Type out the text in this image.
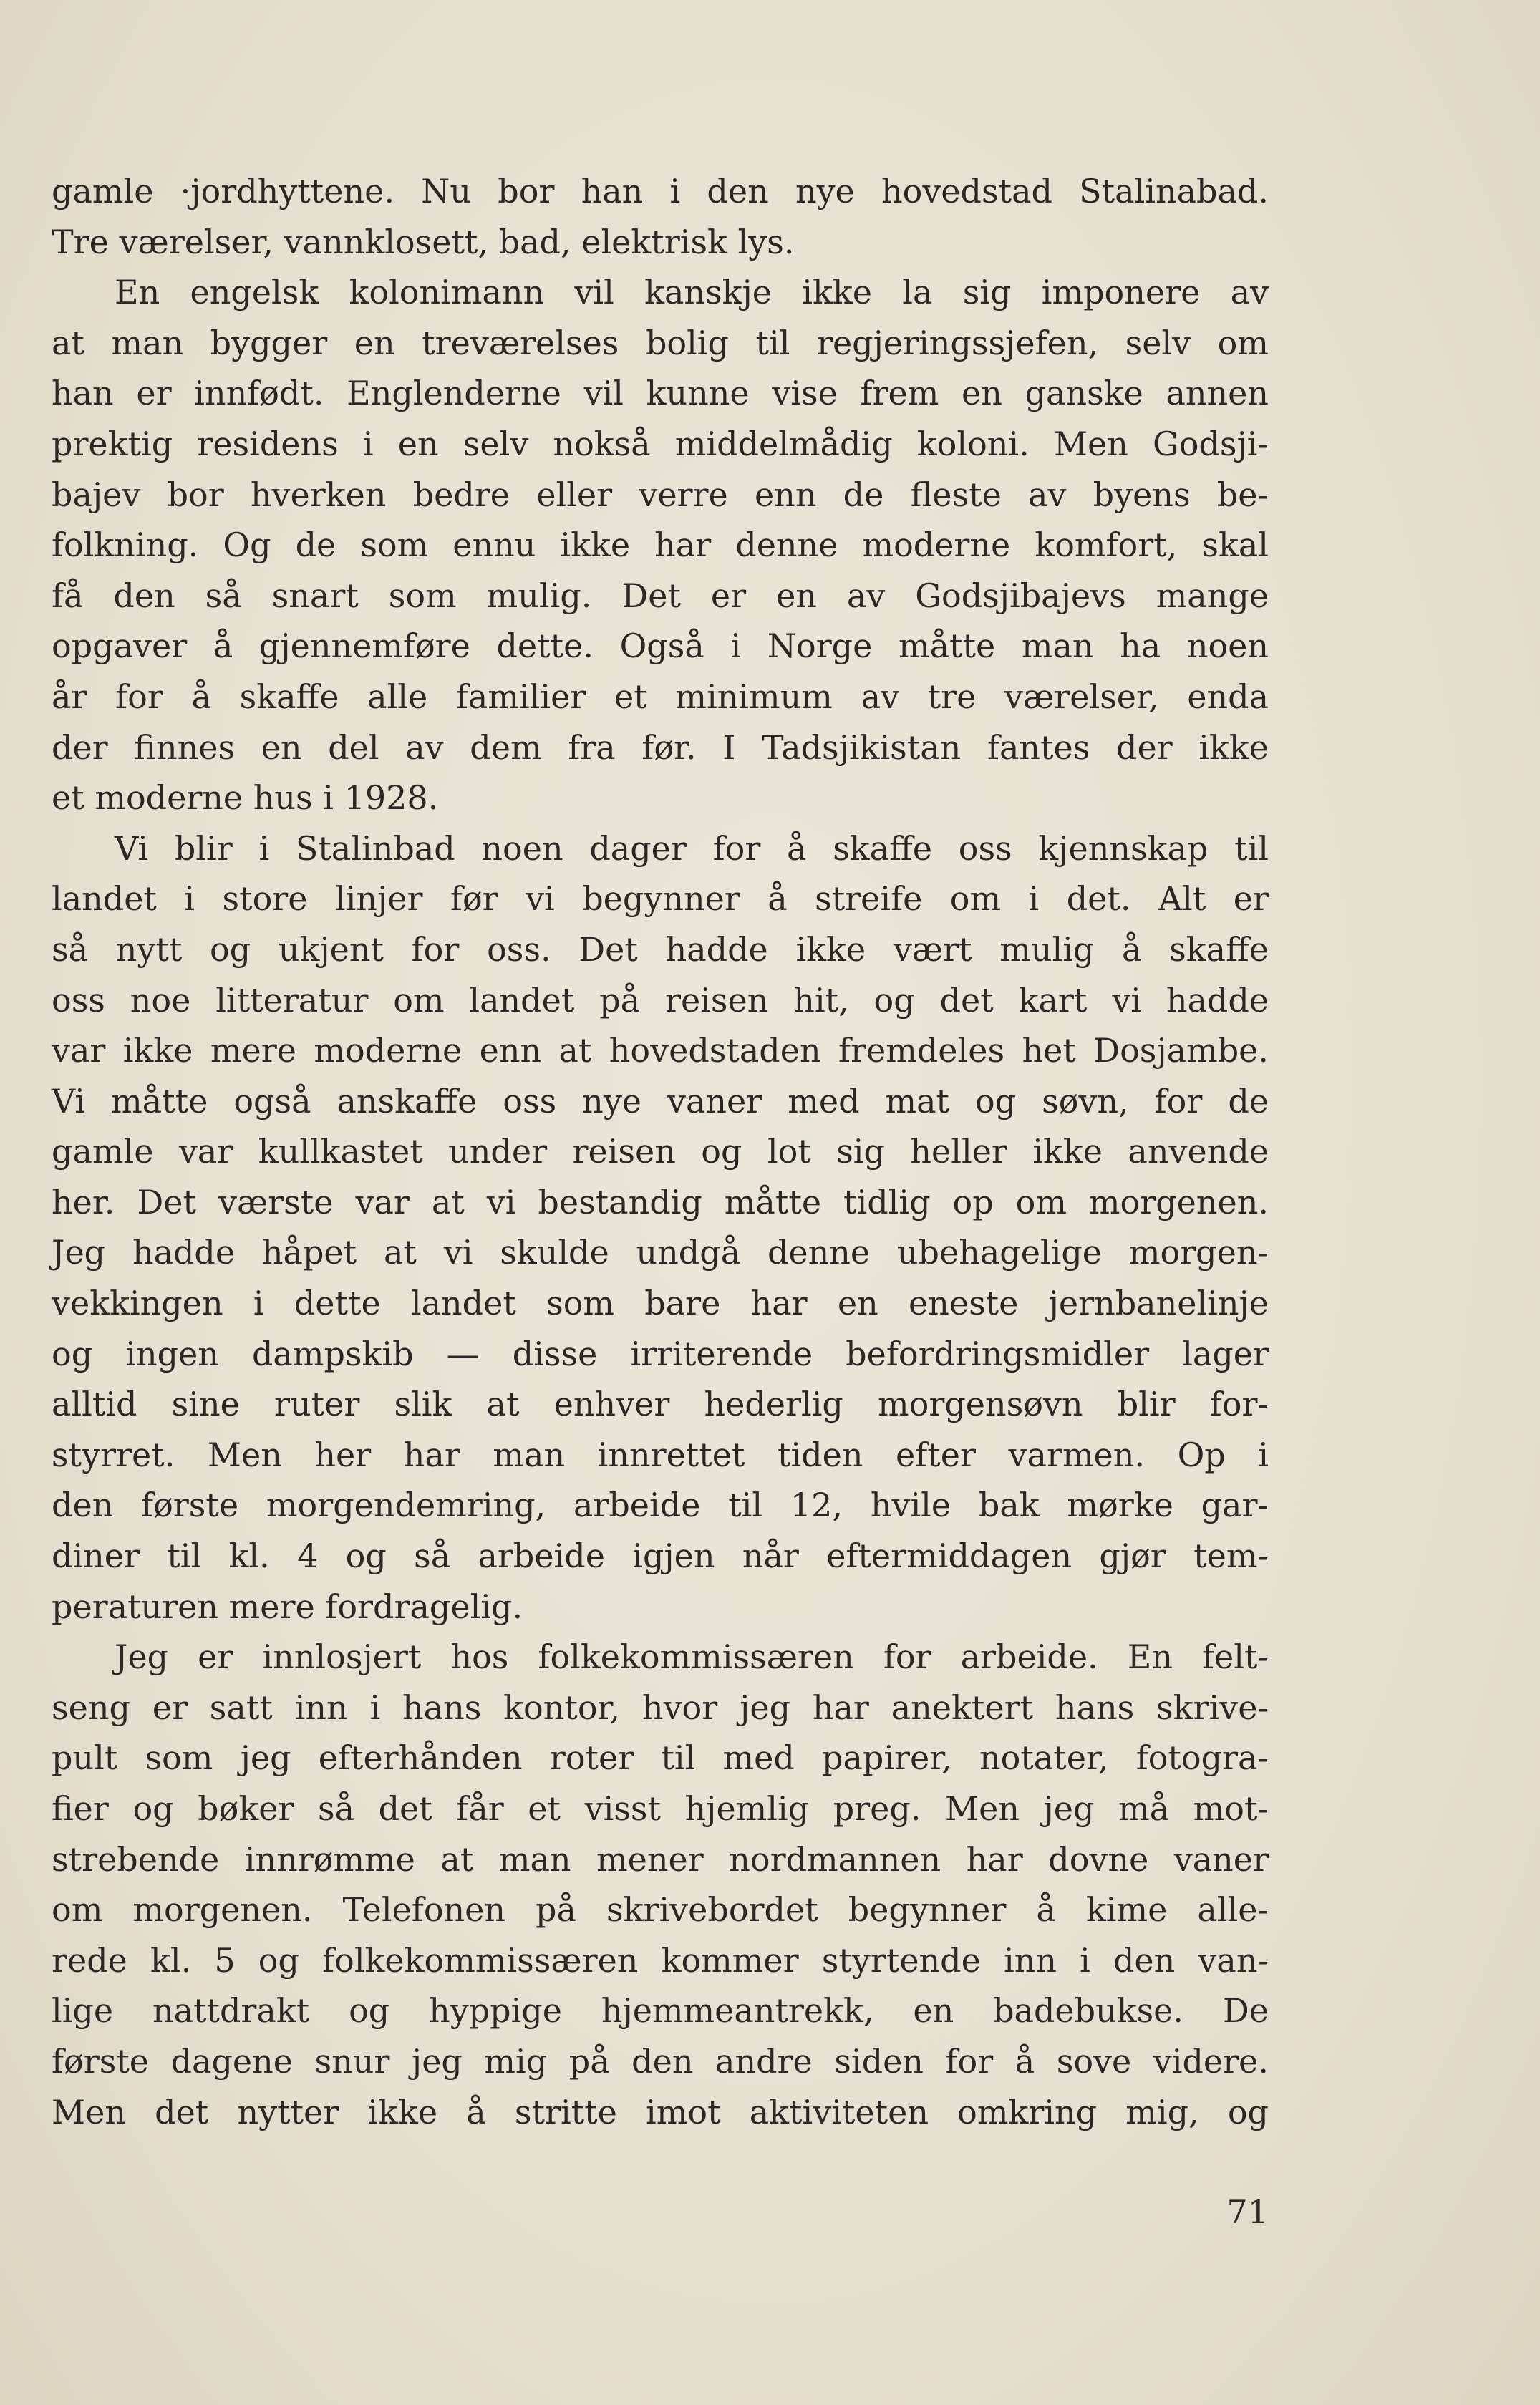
gamle ·jordhyttene. Nu bor han i den nye hovedstad Stalinabad.
Tre værelser, vannklosett, bad, elektrisk lys.
En engelsk kolonimann vil kanskje ikke la sig imponere av
at man bygger en treværelses bolig til regjeringssjefen, selv om
han er innfødt. Englenderne vil kunne vise frem en ganske annen
prektig residens i en selv nokså middelmådig koloni. Men Godsji-
bajev bor hverken bedre eller verre enn de fleste av byens be-
folkning. Og de som ennu ikke har denne moderne komfort, skal
få den så snart som mulig. Det er en av Godsjibajevs mange
opgaver å gjennemføre dette. Også i Norge måtte man ha noen
år for å skaffe alle familier et minimum av tre værelser, enda
der finnes en del av dem fra før. I Tadsjikistan fantes der ikke
et moderne hus i 1928.
Vi blir i Stalinbad noen dager for å skaffe oss kjennskap til
landet i store linjer før vi begynner å streife om i det. Alt er
så nytt og ukjent for oss. Det hadde ikke vært mulig å skaffe
oss noe litteratur om landet på reisen hit, og det kart vi hadde
var ikke mere moderne enn at hovedstaden fremdeles het Dosjambe.
Vi måtte også anskaffe oss nye vaner med mat og søvn, for de
gamle var kullkastet under reisen og lot sig heller ikke anvende
her. Det værste var at vi bestandig måtte tidlig op om morgenen.
Jeg hadde håpet at vi skulde undgå denne ubehagelige morgen-
vekkingen i dette landet som bare har en eneste jernbanelinje
og ingen dampskib — disse irriterende befordringsmidler lager
alltid sine ruter slik at enhver hederlig morgensøvn blir for-
styrret. Men her har man innrettet tiden efter varmen. Op i
den første morgendemring, arbeide til 12, hvile bak mørke gar-
diner til kl. 4 og så arbeide igjen når eftermiddagen gjør tem-
peraturen mere fordragelig.
Jeg er innlosjert hos folkekommissæren for arbeide. En felt-
seng er satt inn i hans kontor, hvor jeg har anektert hans skrive-
pult som jeg efterhånden roter til med papirer, notater, fotogra-
fier og bøker så det får et visst hjemlig preg. Men jeg må mot-
strebende innrømme at man mener nordmannen har dovne vaner
om morgenen. Telefonen på skrivebordet begynner å kime alle-
rede kl. 5 og folkekommissæren kommer styrtende inn i den van-
lige nattdrakt og hyppige hjemmeantrekk, en badebukse. De
første dagene snur jeg mig på den andre siden for å sove videre.
Men det nytter ikke å stritte imot aktiviteten omkring mig, og
71
